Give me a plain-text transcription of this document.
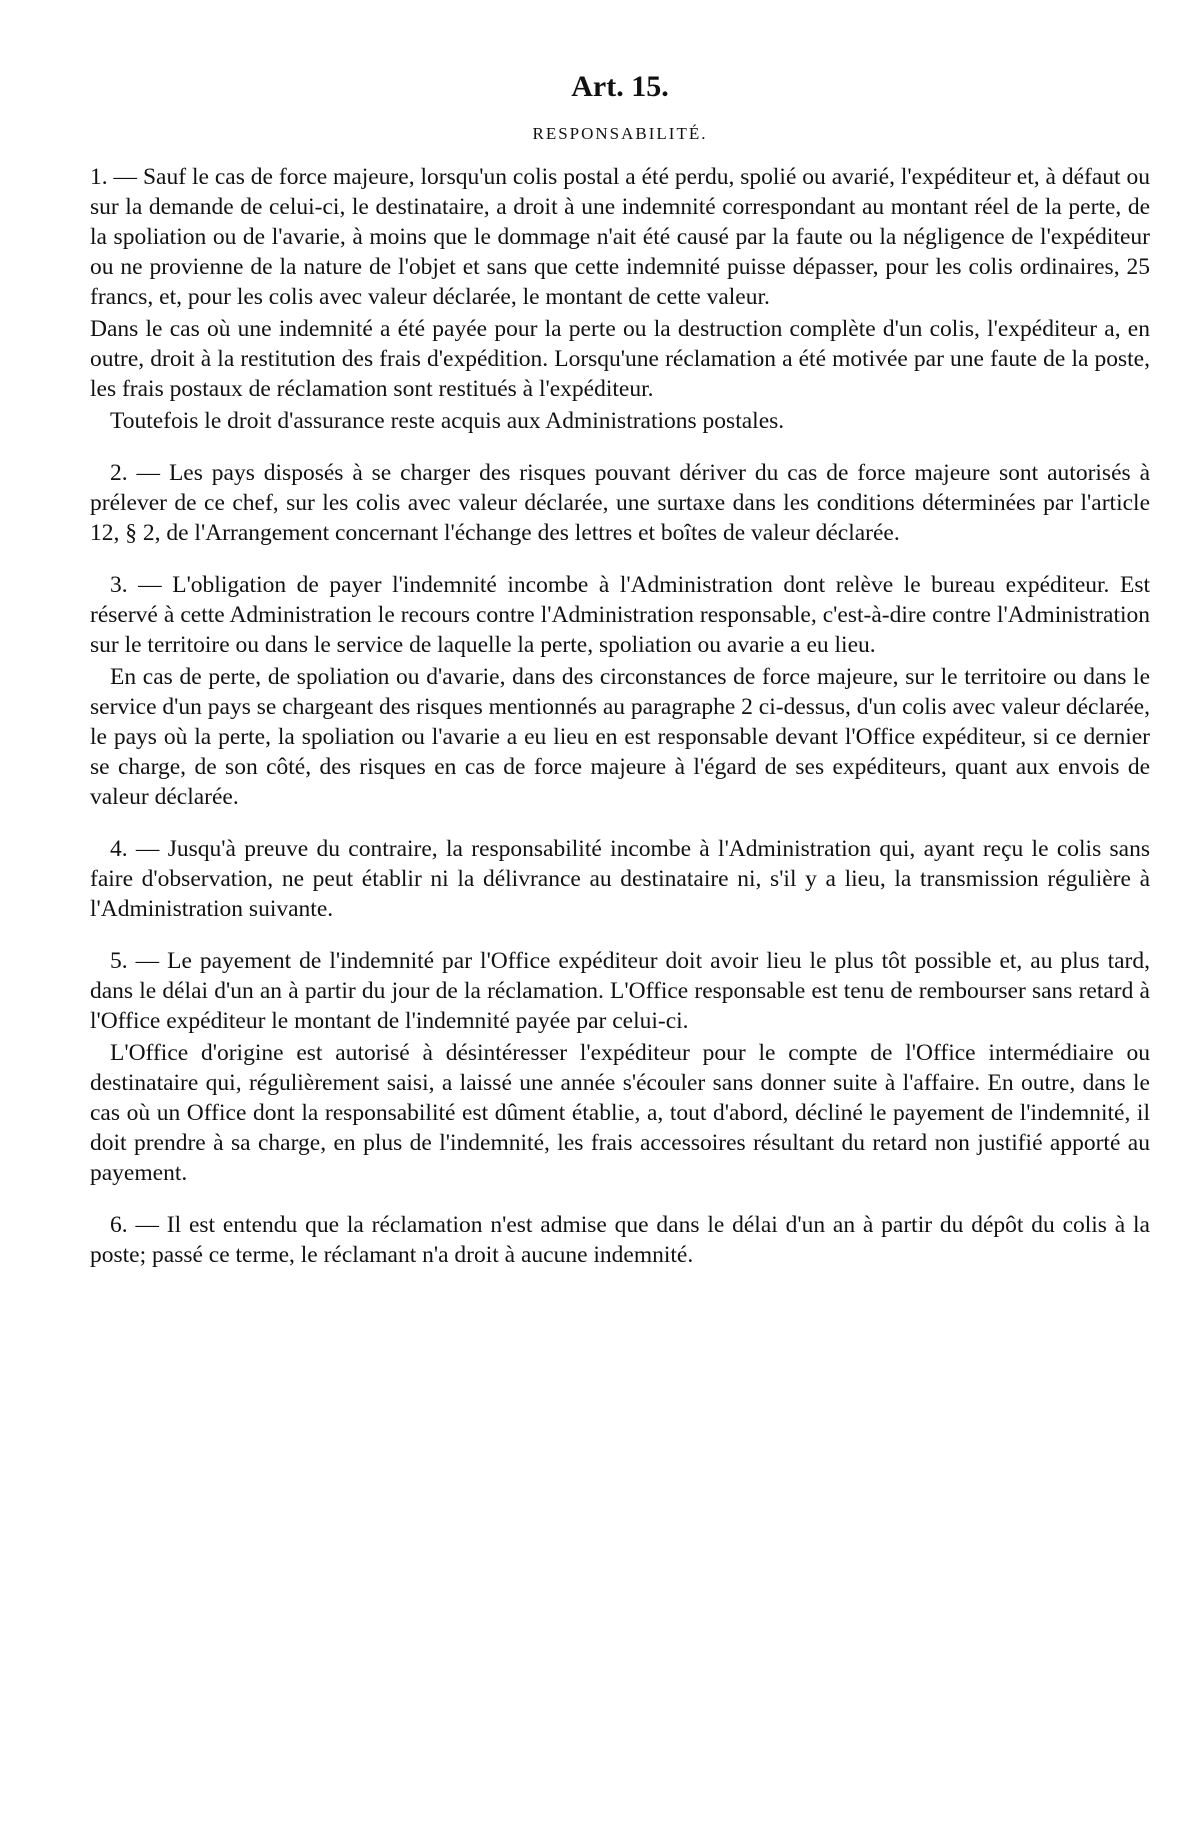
Art. 15.
RESPONSABILITÉ.

1. — Sauf le cas de force majeure, lorsqu'un colis postal a été perdu, spolié ou avarié, l'expéditeur et, à défaut ou sur la demande de celui-ci, le destinataire, a droit à une indemnité correspondant au montant réel de la perte, de la spoliation ou de l'avarie, à moins que le dommage n'ait été causé par la faute ou la négligence de l'expéditeur ou ne provienne de la nature de l'objet et sans que cette indemnité puisse dépasser, pour les colis ordinaires, 25 francs, et, pour les colis avec valeur déclarée, le montant de cette valeur.

Dans le cas où une indemnité a été payée pour la perte ou la destruction complète d'un colis, l'expéditeur a, en outre, droit à la restitution des frais d'expédition. Lorsqu'une réclamation a été motivée par une faute de la poste, les frais postaux de réclamation sont restitués à l'expéditeur.

Toutefois le droit d'assurance reste acquis aux Administrations postales.

2. — Les pays disposés à se charger des risques pouvant dériver du cas de force majeure sont autorisés à prélever de ce chef, sur les colis avec valeur déclarée, une surtaxe dans les conditions déterminées par l'article 12, § 2, de l'Arrangement concernant l'échange des lettres et boîtes de valeur déclarée.

3. — L'obligation de payer l'indemnité incombe à l'Administration dont relève le bureau expéditeur. Est réservé à cette Administration le recours contre l'Administration responsable, c'est-à-dire contre l'Administration sur le territoire ou dans le service de laquelle la perte, spoliation ou avarie a eu lieu.

En cas de perte, de spoliation ou d'avarie, dans des circonstances de force majeure, sur le territoire ou dans le service d'un pays se chargeant des risques mentionnés au paragraphe 2 ci-dessus, d'un colis avec valeur déclarée, le pays où la perte, la spoliation ou l'avarie a eu lieu en est responsable devant l'Office expéditeur, si ce dernier se charge, de son côté, des risques en cas de force majeure à l'égard de ses expéditeurs, quant aux envois de valeur déclarée.

4. — Jusqu'à preuve du contraire, la responsabilité incombe à l'Administration qui, ayant reçu le colis sans faire d'observation, ne peut établir ni la délivrance au destinataire ni, s'il y a lieu, la transmission régulière à l'Administration suivante.

5. — Le payement de l'indemnité par l'Office expéditeur doit avoir lieu le plus tôt possible et, au plus tard, dans le délai d'un an à partir du jour de la réclamation. L'Office responsable est tenu de rembourser sans retard à l'Office expéditeur le montant de l'indemnité payée par celui-ci.

L'Office d'origine est autorisé à désintéresser l'expéditeur pour le compte de l'Office intermédiaire ou destinataire qui, régulièrement saisi, a laissé une année s'écouler sans donner suite à l'affaire. En outre, dans le cas où un Office dont la responsabilité est dûment établie, a, tout d'abord, décliné le payement de l'indemnité, il doit prendre à sa charge, en plus de l'indemnité, les frais accessoires résultant du retard non justifié apporté au payement.

6. — Il est entendu que la réclamation n'est admise que dans le délai d'un an à partir du dépôt du colis à la poste; passé ce terme, le réclamant n'a droit à aucune indemnité.
